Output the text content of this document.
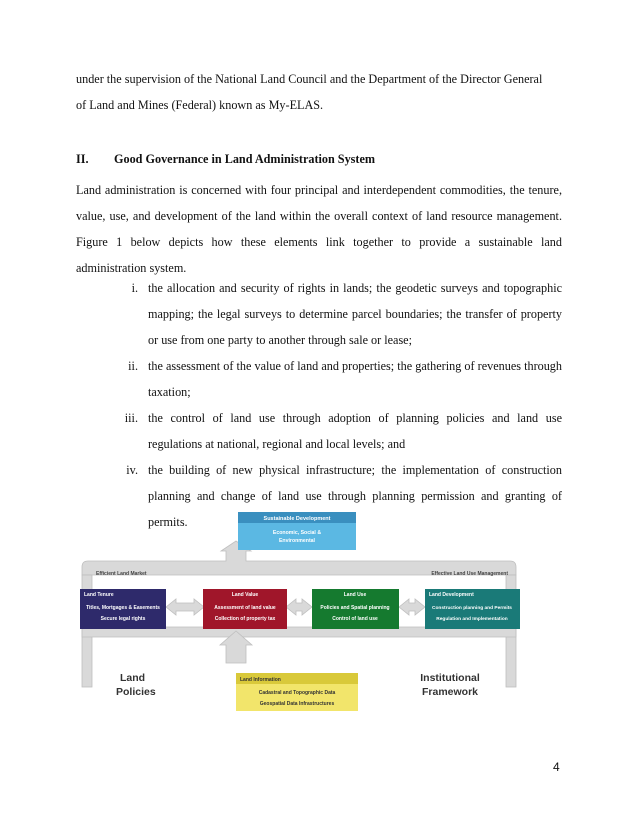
under the supervision of the National Land Council and the Department of the Director General
of Land and Mines (Federal) known as My-ELAS.
II. Good Governance in Land Administration System
Land administration is concerned with four principal and interdependent commodities, the tenure, value, use, and development of the land within the overall context of land resource management. Figure 1 below depicts how these elements link together to provide a sustainable land administration system.
i. the allocation and security of rights in lands; the geodetic surveys and topographic mapping; the legal surveys to determine parcel boundaries; the transfer of property or use from one party to another through sale or lease;
ii. the assessment of the value of land and properties; the gathering of revenues through taxation;
iii. the control of land use through adoption of planning policies and land use regulations at national, regional and local levels; and
iv. the building of new physical infrastructure; the implementation of construction planning and change of land use through planning permission and granting of permits.	Sustainable Development
Economic, Social &
Environmental
Efficient Land Market	Effective Land Use Management
Land Tenure
Titles, Mortgages & Easements
Secure legal rights
Land Value
Assessment of land value
Collection of property tax
Land Use
Policies and Spatial planning
Control of land use
Land Development
Construction planning and Permits
Regulation and Implementation
Land Information
Cadastral and Topographic Data
Geospatial Data Infrastructures
Land
Policies
Institutional
Framework
4
